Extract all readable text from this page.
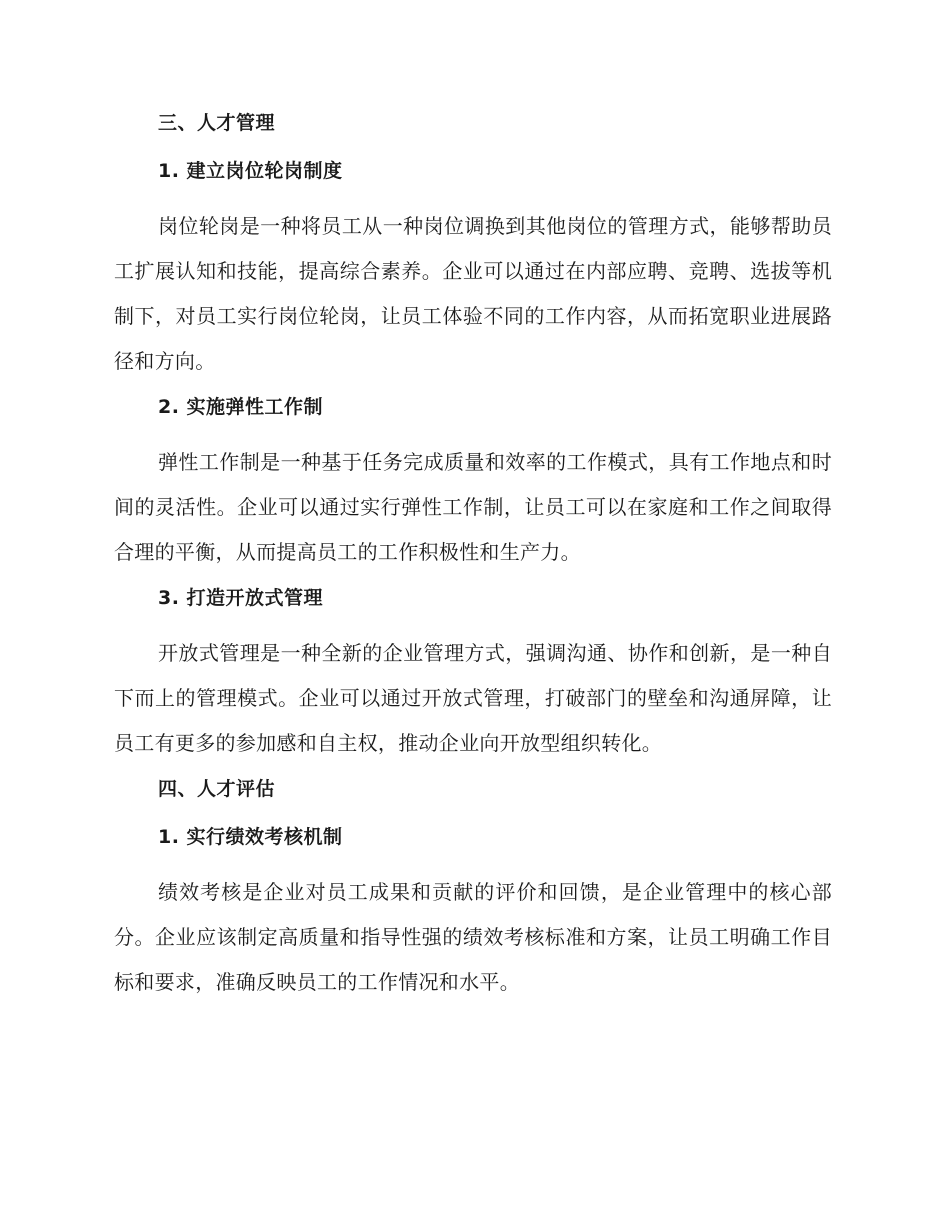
三、人才管理
1. 建立岗位轮岗制度

岗位轮岗是一种将员工从一种岗位调换到其他岗位的管理方式，能够帮助员工扩展认知和技能，提高综合素养。企业可以通过在内部应聘、竞聘、选拔等机制下，对员工实行岗位轮岗，让员工体验不同的工作内容，从而拓宽职业进展路径和方向。

2. 实施弹性工作制

弹性工作制是一种基于任务完成质量和效率的工作模式，具有工作地点和时间的灵活性。企业可以通过实行弹性工作制，让员工可以在家庭和工作之间取得合理的平衡，从而提高员工的工作积极性和生产力。

3. 打造开放式管理

开放式管理是一种全新的企业管理方式，强调沟通、协作和创新，是一种自下而上的管理模式。企业可以通过开放式管理，打破部门的壁垒和沟通屏障，让员工有更多的参加感和自主权，推动企业向开放型组织转化。

四、人才评估
1. 实行绩效考核机制

绩效考核是企业对员工成果和贡献的评价和回馈，是企业管理中的核心部分。企业应该制定高质量和指导性强的绩效考核标准和方案，让员工明确工作目标和要求，准确反映员工的工作情况和水平。
